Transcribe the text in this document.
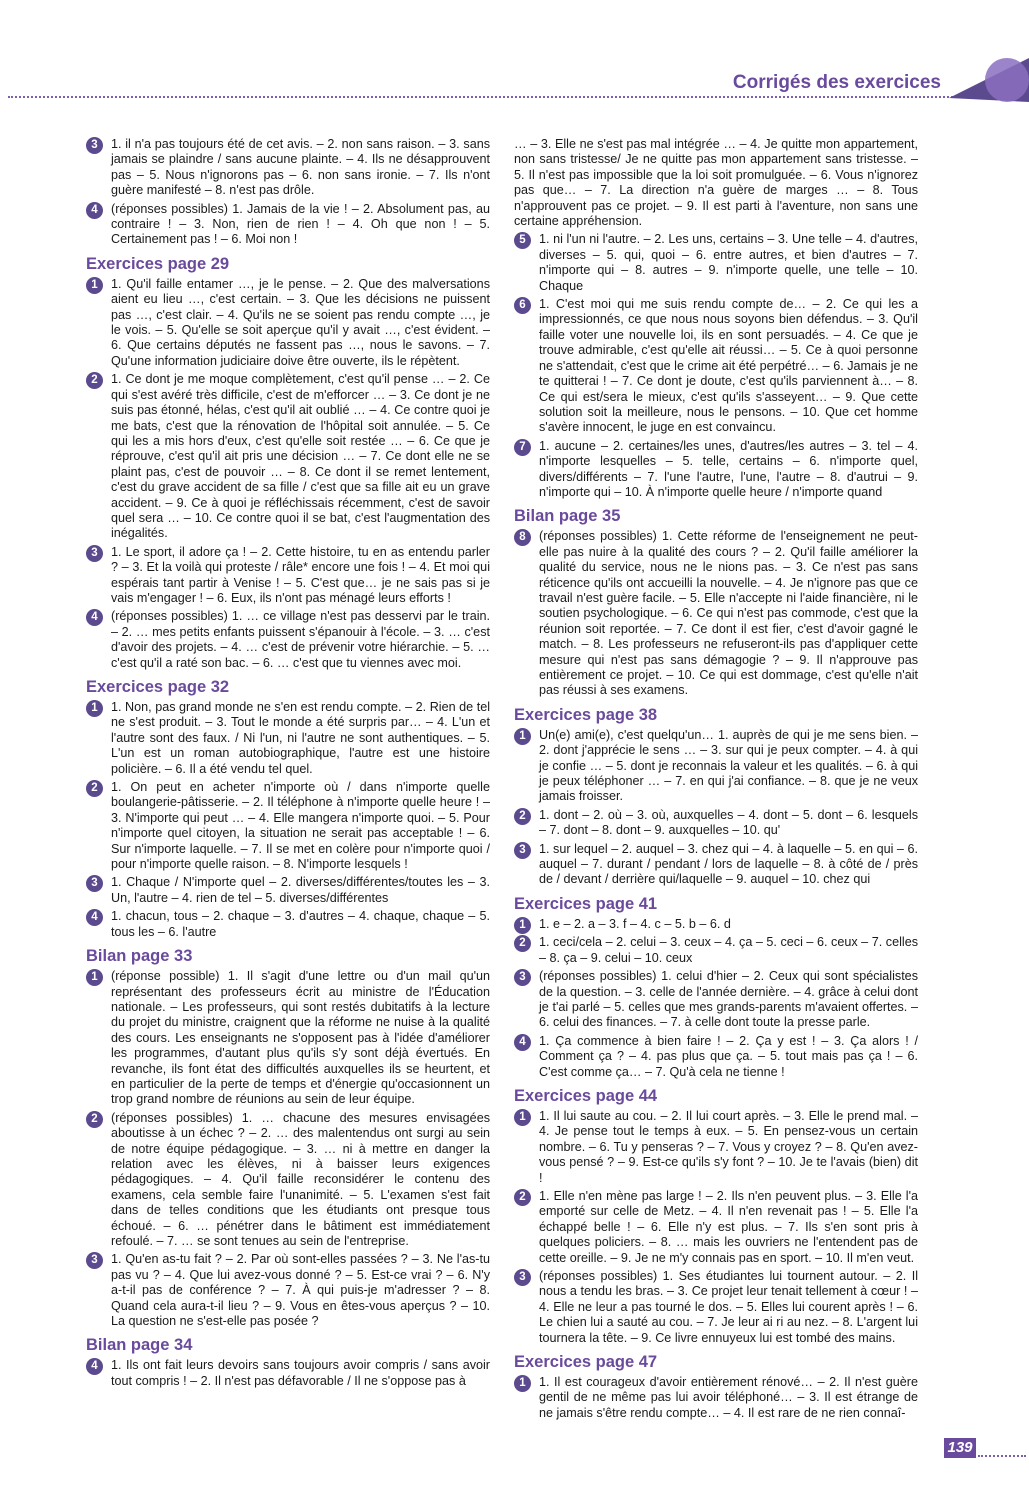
Corrigés des exercices
3	1. il n'a pas toujours été de cet avis. – 2. non sans raison. – 3. sans jamais se plaindre / sans aucune plainte. – 4. Ils ne désapprouvent pas – 5. Nous n'ignorons pas – 6. non sans ironie. – 7. Ils n'ont guère manifesté – 8. n'est pas drôle.
4	(réponses possibles) 1. Jamais de la vie ! – 2. Absolument pas, au contraire ! – 3. Non, rien de rien ! – 4. Oh que non ! – 5. Certainement pas ! – 6. Moi non !
Exercices page 29
1	1. Qu'il faille entamer …, je le pense. – 2. Que des malversations aient eu lieu …, c'est certain. – 3. Que les décisions ne puissent pas …, c'est clair. – 4. Qu'ils ne se soient pas rendu compte …, je le vois. – 5. Qu'elle se soit aperçue qu'il y avait …, c'est évident. – 6. Que certains députés ne fassent pas …, nous le savons. – 7. Qu'une information judiciaire doive être ouverte, ils le répètent.
2	1. Ce dont je me moque complètement, c'est qu'il pense … – 2. Ce qui s'est avéré très difficile, c'est de m'efforcer … – 3. Ce dont je ne suis pas étonné, hélas, c'est qu'il ait oublié … – 4. Ce contre quoi je me bats, c'est que la rénovation de l'hôpital soit annulée. – 5. Ce qui les a mis hors d'eux, c'est qu'elle soit restée … – 6. Ce que je réprouve, c'est qu'il ait pris une décision … – 7. Ce dont elle ne se plaint pas, c'est de pouvoir … – 8. Ce dont il se remet lentement, c'est du grave accident de sa fille / c'est que sa fille ait eu un grave accident. – 9. Ce à quoi je réfléchissais récemment, c'est de savoir quel sera … – 10. Ce contre quoi il se bat, c'est l'augmentation des inégalités.
3	1. Le sport, il adore ça ! – 2. Cette histoire, tu en as entendu parler ? – 3. Et la voilà qui proteste / râle* encore une fois ! – 4. Et moi qui espérais tant partir à Venise ! – 5. C'est que… je ne sais pas si je vais m'engager ! – 6. Eux, ils n'ont pas ménagé leurs efforts !
4	(réponses possibles) 1. … ce village n'est pas desservi par le train. – 2. … mes petits enfants puissent s'épanouir à l'école. – 3. … c'est d'avoir des projets. – 4. … c'est de prévenir votre hiérarchie. – 5. … c'est qu'il a raté son bac. – 6. … c'est que tu viennes avec moi.
Exercices page 32
1	1. Non, pas grand monde ne s'en est rendu compte. – 2. Rien de tel ne s'est produit. – 3. Tout le monde a été surpris par… – 4. L'un et l'autre sont des faux. / Ni l'un, ni l'autre ne sont authentiques. – 5. L'un est un roman autobiographique, l'autre est une histoire policière. – 6. Il a été vendu tel quel.
2	1. On peut en acheter n'importe où / dans n'importe quelle boulangerie-pâtisserie. – 2. Il téléphone à n'importe quelle heure ! – 3. N'importe qui peut … – 4. Elle mangera n'importe quoi. – 5. Pour n'importe quel citoyen, la situation ne serait pas acceptable ! – 6. Sur n'importe laquelle. – 7. Il se met en colère pour n'importe quoi / pour n'importe quelle raison. – 8. N'importe lesquels !
3	1. Chaque / N'importe quel – 2. diverses/différentes/toutes les – 3. Un, l'autre – 4. rien de tel – 5. diverses/différentes
4	1. chacun, tous – 2. chaque – 3. d'autres – 4. chaque, chaque – 5. tous les – 6. l'autre
Bilan page 33
1	(réponse possible) 1. Il s'agit d'une lettre ou d'un mail qu'un représentant des professeurs écrit au ministre de l'Éducation nationale. – Les professeurs, qui sont restés dubitatifs à la lecture du projet du ministre, craignent que la réforme ne nuise à la qualité des cours. Les enseignants ne s'opposent pas à l'idée d'améliorer les programmes, d'autant plus qu'ils s'y sont déjà évertués. En revanche, ils font état des difficultés auxquelles ils se heurtent, et en particulier de la perte de temps et d'énergie qu'occasionnent un trop grand nombre de réunions au sein de leur équipe.
2	(réponses possibles) 1. … chacune des mesures envisagées aboutisse à un échec ? – 2. … des malentendus ont surgi au sein de notre équipe pédagogique. – 3. … ni à mettre en danger la relation avec les élèves, ni à baisser leurs exigences pédagogiques. – 4. Qu'il faille reconsidérer le contenu des examens, cela semble faire l'unanimité. – 5. L'examen s'est fait dans de telles conditions que les étudiants ont presque tous échoué. – 6. … pénétrer dans le bâtiment est immédiatement refoulé. – 7. … se sont tenues au sein de l'entreprise.
3	1. Qu'en as-tu fait ? – 2. Par où sont-elles passées ? – 3. Ne l'as-tu pas vu ? – 4. Que lui avez-vous donné ? – 5. Est-ce vrai ? – 6. N'y a-t-il pas de conférence ? – 7. À qui puis-je m'adresser ? – 8. Quand cela aura-t-il lieu ? – 9. Vous en êtes-vous aperçus ? – 10. La question ne s'est-elle pas posée ?
Bilan page 34
4	1. Ils ont fait leurs devoirs sans toujours avoir compris / sans avoir tout compris ! – 2. Il n'est pas défavorable / Il ne s'oppose pas à
… – 3. Elle ne s'est pas mal intégrée … – 4. Je quitte mon appartement, non sans tristesse/ Je ne quitte pas mon appartement sans tristesse. – 5. Il n'est pas impossible que la loi soit promulguée. – 6. Vous n'ignorez pas que… – 7. La direction n'a guère de marges … – 8. Tous n'approuvent pas ce projet. – 9. Il est parti à l'aventure, non sans une certaine appréhension.
5	1. ni l'un ni l'autre. – 2. Les uns, certains – 3. Une telle – 4. d'autres, diverses – 5. qui, quoi – 6. entre autres, et bien d'autres – 7. n'importe qui – 8. autres – 9. n'importe quelle, une telle – 10. Chaque
6	1. C'est moi qui me suis rendu compte de… – 2. Ce qui les a impressionnés, ce que nous nous soyons bien défendus. – 3. Qu'il faille voter une nouvelle loi, ils en sont persuadés. – 4. Ce que je trouve admirable, c'est qu'elle ait réussi… – 5. Ce à quoi personne ne s'attendait, c'est que le crime ait été perpétré… – 6. Jamais je ne te quitterai ! – 7. Ce dont je doute, c'est qu'ils parviennent à… – 8. Ce qui est/sera le mieux, c'est qu'ils s'asseyent… – 9. Que cette solution soit la meilleure, nous le pensons. – 10. Que cet homme s'avère innocent, le juge en est convaincu.
7	1. aucune – 2. certaines/les unes, d'autres/les autres – 3. tel – 4. n'importe lesquelles – 5. telle, certains – 6. n'importe quel, divers/différents – 7. l'une l'autre, l'une, l'autre – 8. d'autrui – 9. n'importe qui – 10. À n'importe quelle heure / n'importe quand
Bilan page 35
8	(réponses possibles) 1. Cette réforme de l'enseignement ne peut-elle pas nuire à la qualité des cours ? – 2. Qu'il faille améliorer la qualité du service, nous ne le nions pas. – 3. Ce n'est pas sans réticence qu'ils ont accueilli la nouvelle. – 4. Je n'ignore pas que ce travail n'est guère facile. – 5. Elle n'accepte ni l'aide financière, ni le soutien psychologique. – 6. Ce qui n'est pas commode, c'est que la réunion soit reportée. – 7. Ce dont il est fier, c'est d'avoir gagné le match. – 8. Les professeurs ne refuseront-ils pas d'appliquer cette mesure qui n'est pas sans démagogie ? – 9. Il n'approuve pas entièrement ce projet. – 10. Ce qui est dommage, c'est qu'elle n'ait pas réussi à ses examens.
Exercices page 38
1	Un(e) ami(e), c'est quelqu'un… 1. auprès de qui je me sens bien. – 2. dont j'apprécie le sens … – 3. sur qui je peux compter. – 4. à qui je confie … – 5. dont je reconnais la valeur et les qualités. – 6. à qui je peux téléphoner … – 7. en qui j'ai confiance. – 8. que je ne veux jamais froisser.
2	1. dont – 2. où – 3. où, auxquelles – 4. dont – 5. dont – 6. lesquels – 7. dont – 8. dont – 9. auxquelles – 10. qu'
3	1. sur lequel – 2. auquel – 3. chez qui – 4. à laquelle – 5. en qui – 6. auquel – 7. durant / pendant / lors de laquelle – 8. à côté de / près de / devant / derrière qui/laquelle – 9. auquel – 10. chez qui
Exercices page 41
1	1. e – 2. a – 3. f – 4. c – 5. b – 6. d
2	1. ceci/cela – 2. celui – 3. ceux – 4. ça – 5. ceci – 6. ceux – 7. celles – 8. ça – 9. celui – 10. ceux
3	(réponses possibles) 1. celui d'hier – 2. Ceux qui sont spécialistes de la question. – 3. celle de l'année dernière. – 4. grâce à celui dont je t'ai parlé – 5. celles que mes grands-parents m'avaient offertes. – 6. celui des finances. – 7. à celle dont toute la presse parle.
4	1. Ça commence à bien faire ! – 2. Ça y est ! – 3. Ça alors ! / Comment ça ? – 4. pas plus que ça. – 5. tout mais pas ça ! – 6. C'est comme ça… – 7. Qu'à cela ne tienne !
Exercices page 44
1	1. Il lui saute au cou. – 2. Il lui court après. – 3. Elle le prend mal. – 4. Je pense tout le temps à eux. – 5. En pensez-vous un certain nombre. – 6. Tu y penseras ? – 7. Vous y croyez ? – 8. Qu'en avez-vous pensé ? – 9. Est-ce qu'ils s'y font ? – 10. Je te l'avais (bien) dit !
2	1. Elle n'en mène pas large ! – 2. Ils n'en peuvent plus. – 3. Elle l'a emporté sur celle de Metz. – 4. Il n'en revenait pas ! – 5. Elle l'a échappé belle ! – 6. Elle n'y est plus. – 7. Ils s'en sont pris à quelques policiers. – 8. … mais les ouvriers ne l'entendent pas de cette oreille. – 9. Je ne m'y connais pas en sport. – 10. Il m'en veut.
3	(réponses possibles) 1. Ses étudiantes lui tournent autour. – 2. Il nous a tendu les bras. – 3. Ce projet leur tenait tellement à cœur ! – 4. Elle ne leur a pas tourné le dos. – 5. Elles lui courent après ! – 6. Le chien lui a sauté au cou. – 7. Je leur ai ri au nez. – 8. L'argent lui tournera la tête. – 9. Ce livre ennuyeux lui est tombé des mains.
Exercices page 47
1	1. Il est courageux d'avoir entièrement rénové… – 2. Il n'est guère gentil de ne même pas lui avoir téléphoné… – 3. Il est étrange de ne jamais s'être rendu compte… – 4. Il est rare de ne rien connaî-
139
